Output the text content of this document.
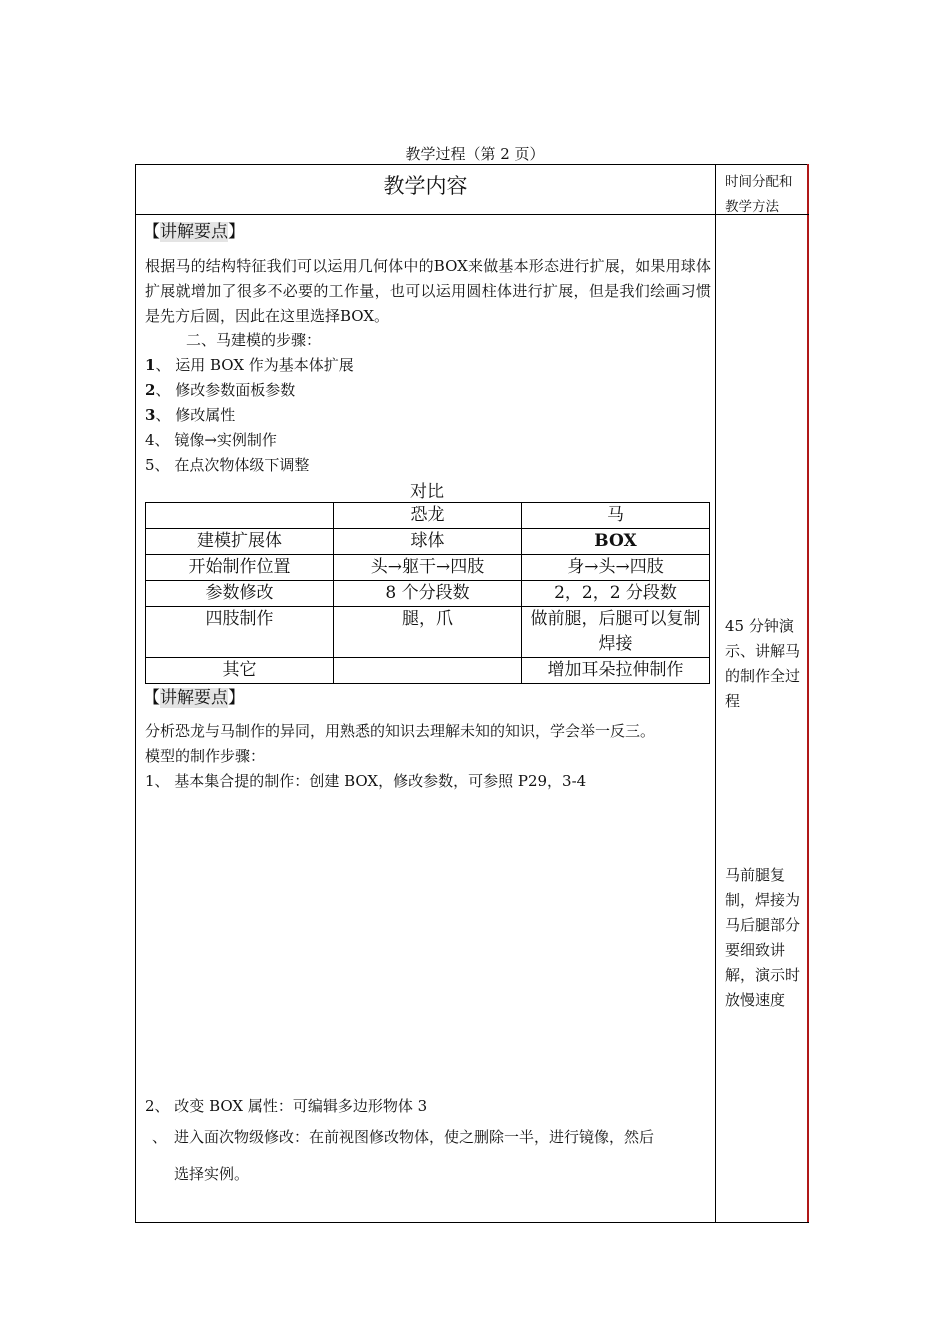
教学过程（第 2 页）
教学内容	时间分配和教学方法
【讲解要点】
根据马的结构特征我们可以运用几何体中的BOX来做基本形态进行扩展，如果用球体扩展就增加了很多不必要的工作量，也可以运用圆柱体进行扩展，但是我们绘画习惯是先方后圆，因此在这里选择BOX。
二、马建模的步骤：
1、 运用 BOX 作为基本体扩展
2、 修改参数面板参数
3、 修改属性
4、 镜像→实例制作
5、 在点次物体级下调整
对比
	恐龙	马
建模扩展体	球体	BOX
开始制作位置	头→躯干→四肢	身→头→四肢
参数修改	8 个分段数	2，2，2 分段数
四肢制作	腿，爪	做前腿，后腿可以复制焊接
其它		增加耳朵拉伸制作
【讲解要点】
分析恐龙与马制作的异同，用熟悉的知识去理解未知的知识，学会举一反三。
模型的制作步骤：
1、 基本集合提的制作：创建 BOX，修改参数，可参照 P29，3-4
2、 改变 BOX 属性：可编辑多边形物体 3
、 进入面次物级修改：在前视图修改物体，使之删除一半，进行镜像，然后
选择实例。
45 分钟演示、讲解马的制作全过程
马前腿复制，焊接为马后腿部分要细致讲解，演示时放慢速度
